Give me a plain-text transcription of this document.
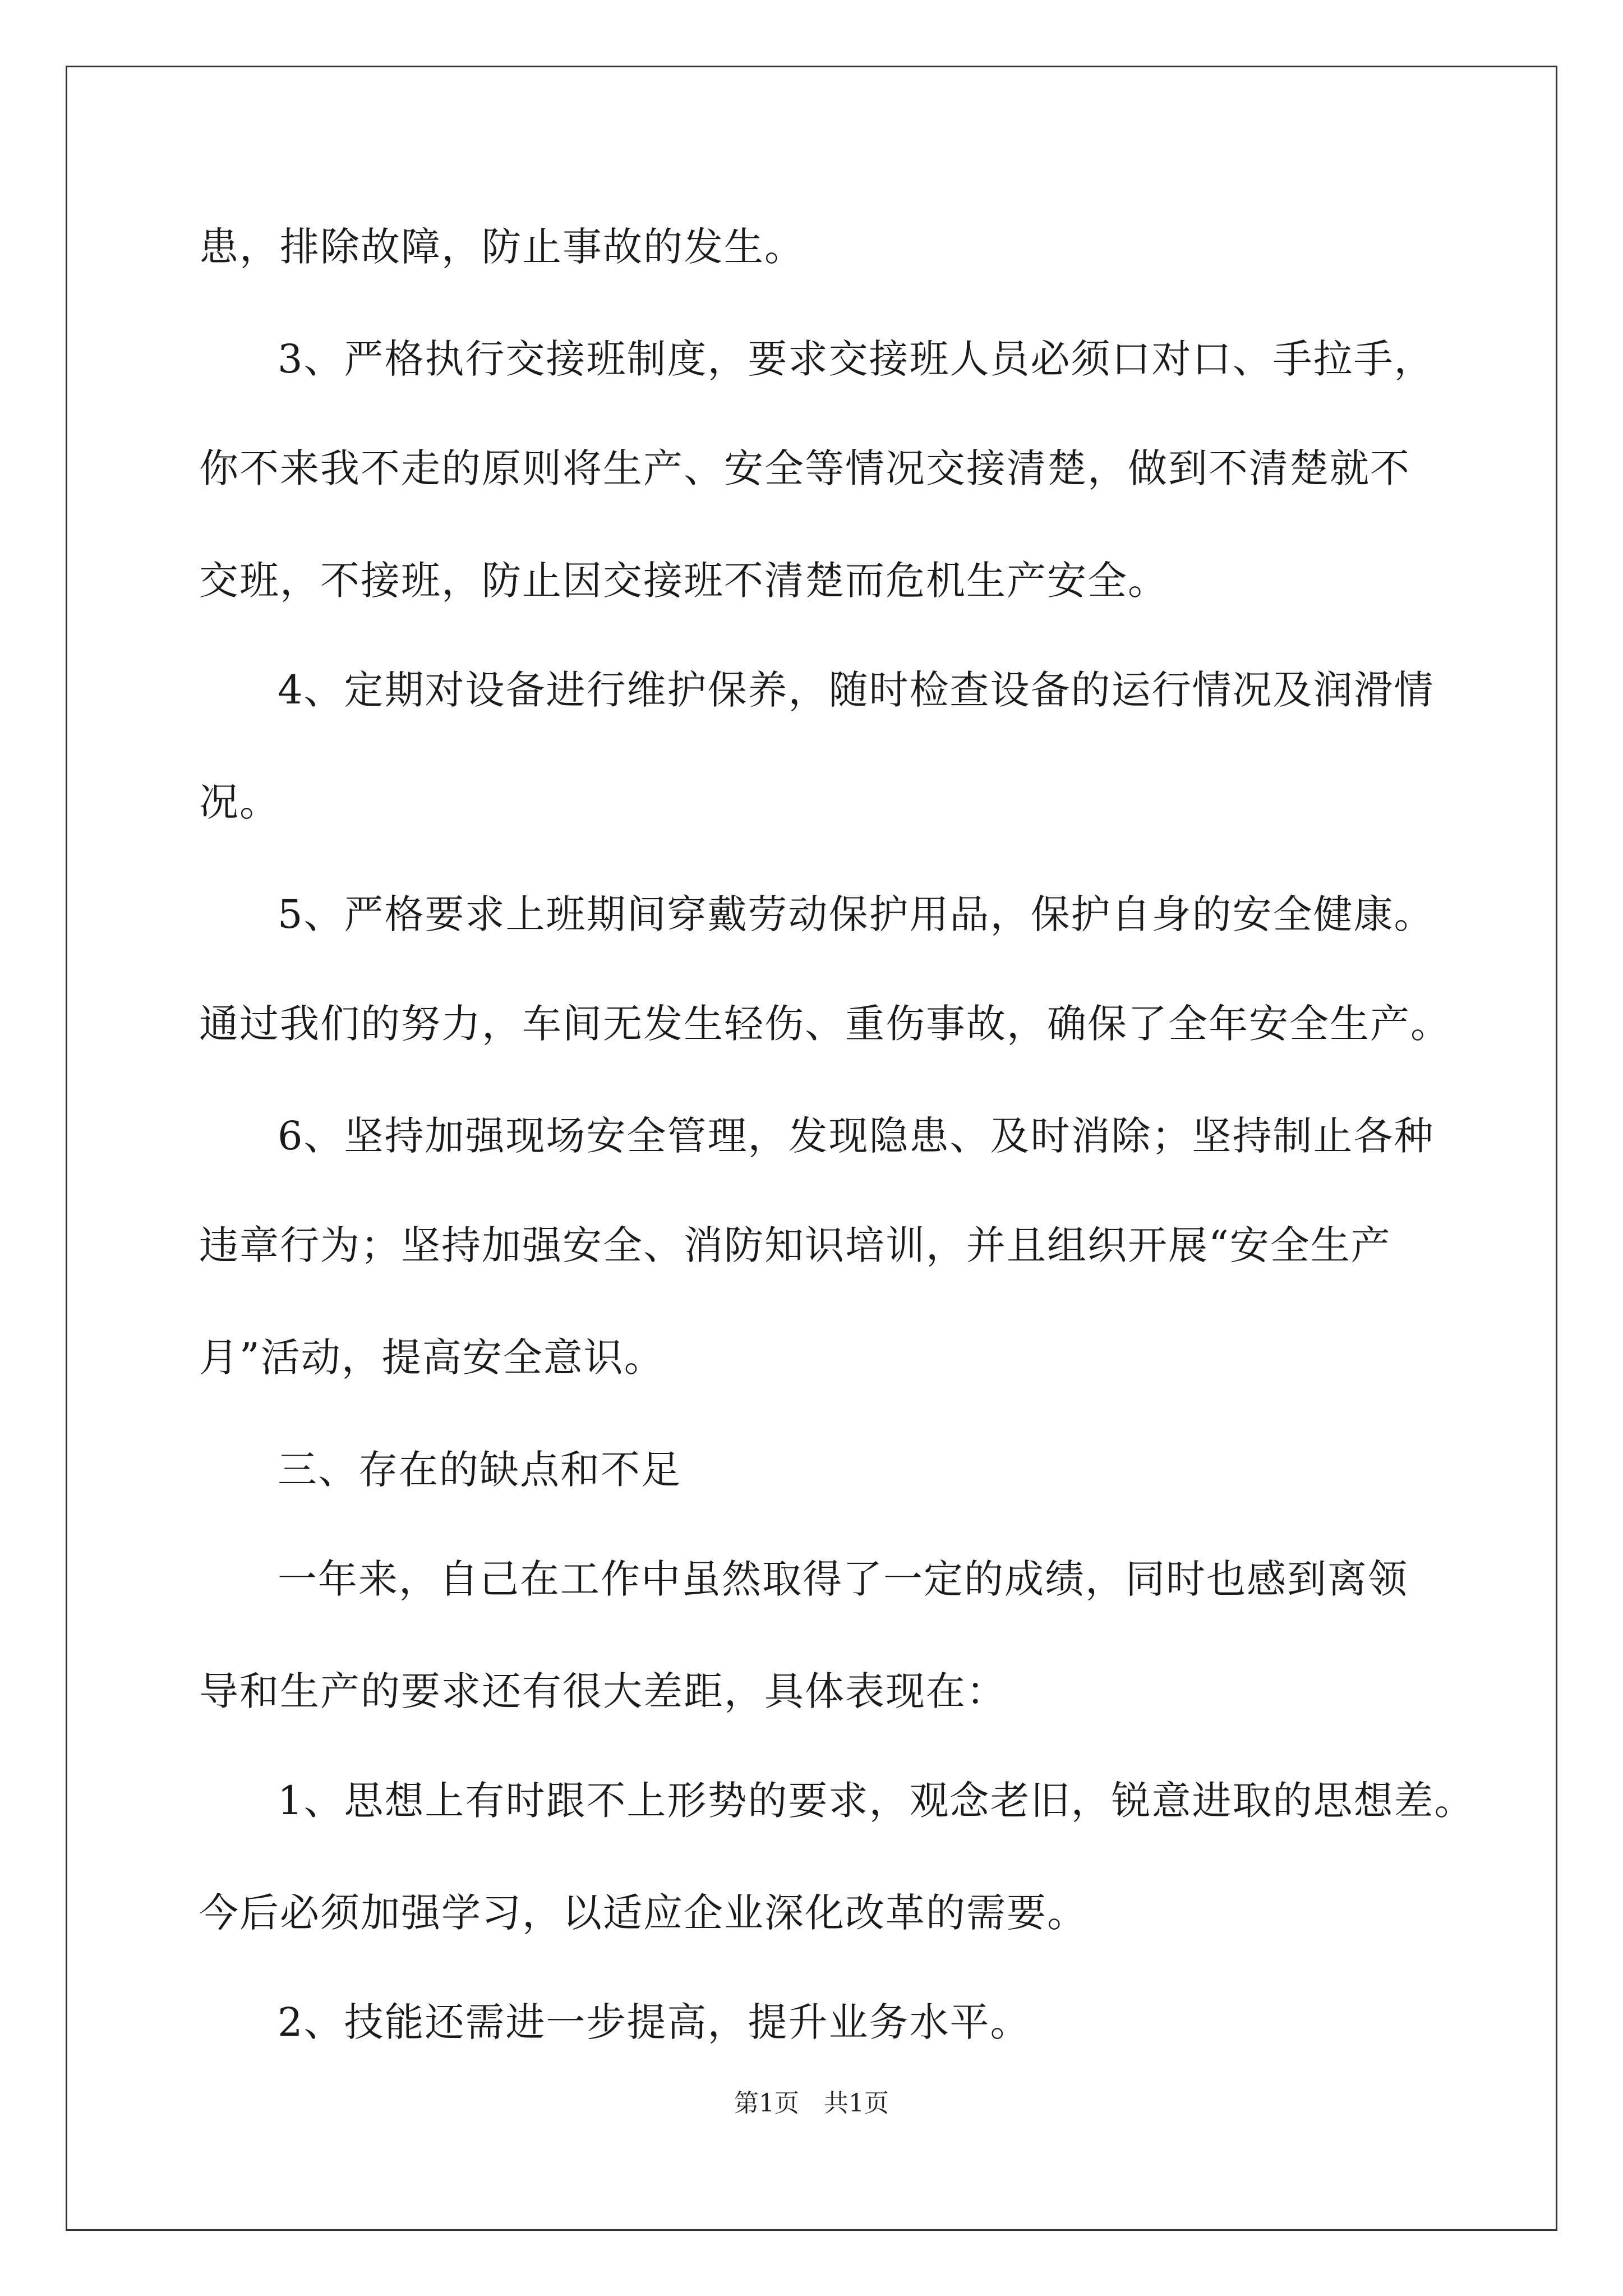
患，排除故障，防止事故的发生。
3、严格执行交接班制度，要求交接班人员必须口对口、手拉手，
你不来我不走的原则将生产、安全等情况交接清楚，做到不清楚就不
交班，不接班，防止因交接班不清楚而危机生产安全。
4、定期对设备进行维护保养，随时检查设备的运行情况及润滑情
况。
5、严格要求上班期间穿戴劳动保护用品，保护自身的安全健康。
通过我们的努力，车间无发生轻伤、重伤事故，确保了全年安全生产。
6、坚持加强现场安全管理，发现隐患、及时消除；坚持制止各种
违章行为；坚持加强安全、消防知识培训，并且组织开展“安全生产
月”活动，提高安全意识。
三、存在的缺点和不足
一年来，自己在工作中虽然取得了一定的成绩，同时也感到离领
导和生产的要求还有很大差距，具体表现在：
1、思想上有时跟不上形势的要求，观念老旧，锐意进取的思想差。
今后必须加强学习，以适应企业深化改革的需要。
2、技能还需进一步提高，提升业务水平。
第1页　共1页
